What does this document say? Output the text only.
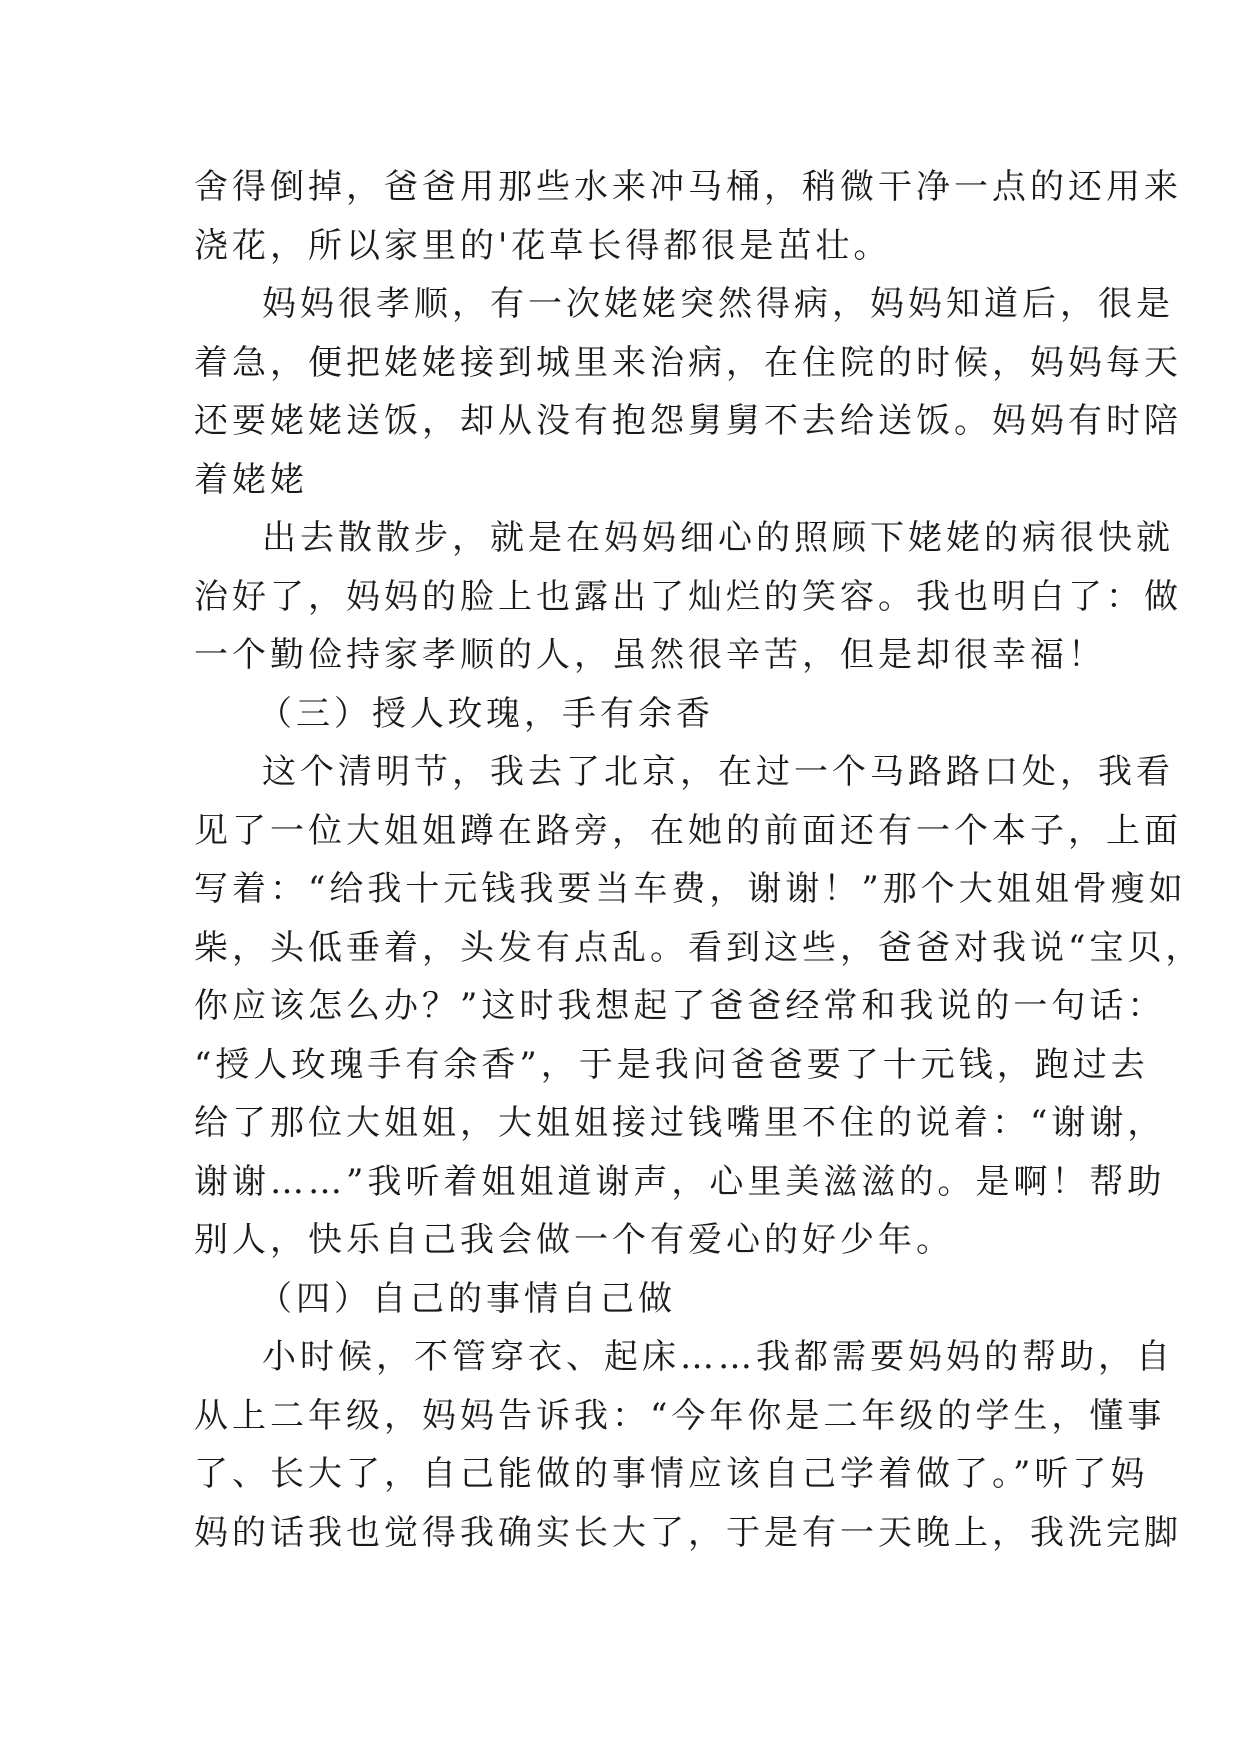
舍得倒掉，爸爸用那些水来冲马桶，稍微干净一点的还用来
浇花，所以家里的'花草长得都很是茁壮。
妈妈很孝顺，有一次姥姥突然得病，妈妈知道后，很是
着急，便把姥姥接到城里来治病，在住院的时候，妈妈每天
还要姥姥送饭，却从没有抱怨舅舅不去给送饭。妈妈有时陪
着姥姥
出去散散步，就是在妈妈细心的照顾下姥姥的病很快就
治好了，妈妈的脸上也露出了灿烂的笑容。我也明白了：做
一个勤俭持家孝顺的人，虽然很辛苦，但是却很幸福！
（三）授人玫瑰，手有余香
这个清明节，我去了北京，在过一个马路路口处，我看
见了一位大姐姐蹲在路旁，在她的前面还有一个本子，上面
写着：“给我十元钱我要当车费，谢谢！”那个大姐姐骨瘦如
柴，头低垂着，头发有点乱。看到这些，爸爸对我说“宝贝，
你应该怎么办？”这时我想起了爸爸经常和我说的一句话：
“授人玫瑰手有余香”，于是我问爸爸要了十元钱，跑过去
给了那位大姐姐，大姐姐接过钱嘴里不住的说着：“谢谢，
谢谢……”我听着姐姐道谢声，心里美滋滋的。是啊！帮助
别人，快乐自己我会做一个有爱心的好少年。
（四）自己的事情自己做
小时候，不管穿衣、起床……我都需要妈妈的帮助，自
从上二年级，妈妈告诉我：“今年你是二年级的学生，懂事
了、长大了，自己能做的事情应该自己学着做了。”听了妈
妈的话我也觉得我确实长大了，于是有一天晚上，我洗完脚
